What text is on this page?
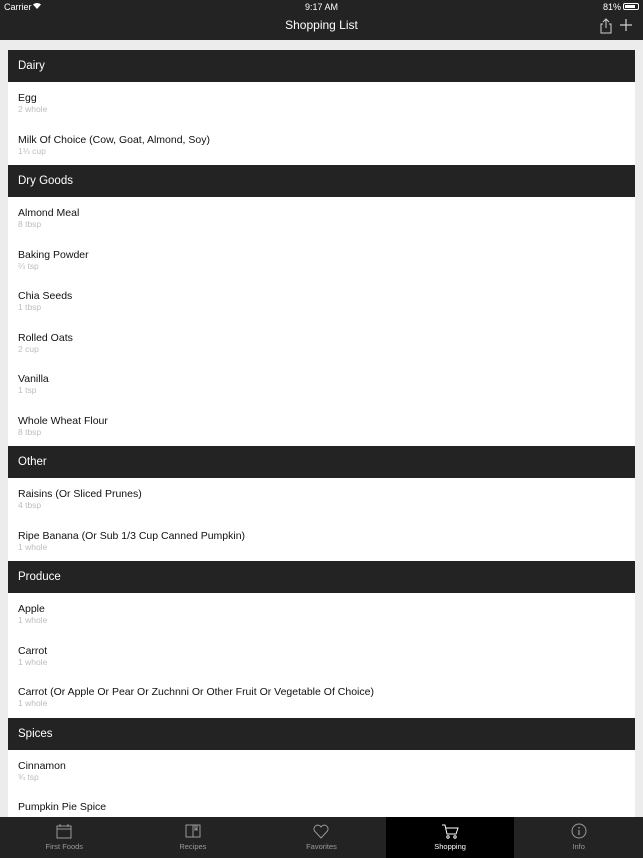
Carrier	9:17 AM	81%
Shopping List
Dairy
Egg
2 whole
Milk Of Choice (Cow, Goat, Almond, Soy)
1⅓ cup
Dry Goods
Almond Meal
8 tbsp
Baking Powder
⅔ tsp
Chia Seeds
1 tbsp
Rolled Oats
2 cup
Vanilla
1 tsp
Whole Wheat Flour
8 tbsp
Other
Raisins (Or Sliced Prunes)
4 tbsp
Ripe Banana (Or Sub 1/3 Cup Canned Pumpkin)
1 whole
Produce
Apple
1 whole
Carrot
1 whole
Carrot (Or Apple Or Pear Or Zuchnni Or Other Fruit Or Vegetable Of Choice)
1 whole
Spices
Cinnamon
¾ tsp
Pumpkin Pie Spice
First Foods	Recipes	Favorites	Shopping	Info
